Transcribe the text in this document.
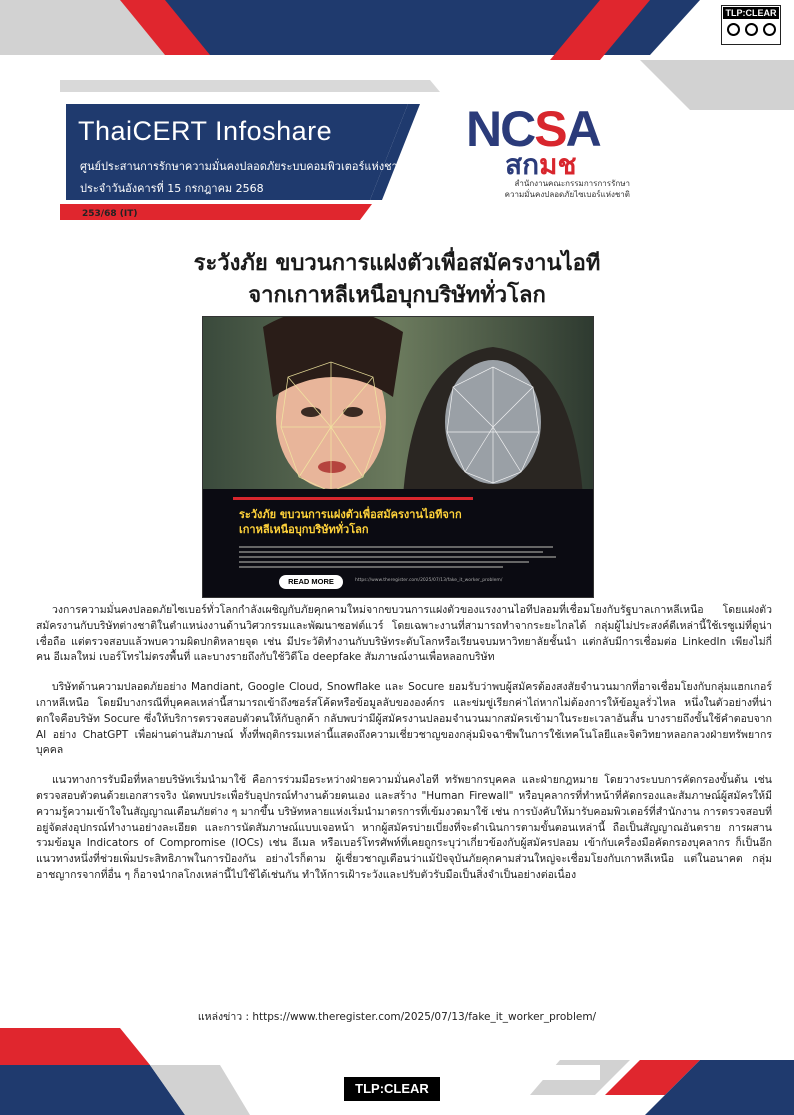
TLP:CLEAR
ThaiCERT Infoshare
ศูนย์ประสานการรักษาความมั่นคงปลอดภัยระบบคอมพิวเตอร์แห่งชาติ
ประจำวันอังคารที่ 15 กรกฎาคม 2568
253/68 (IT)
NCSA
สกมช
สำนักงานคณะกรรมการการรักษา
ความมั่นคงปลอดภัยไซเบอร์แห่งชาติ
ระวังภัย ขบวนการแฝงตัวเพื่อสมัครงานไอที
จากเกาหลีเหนือบุกบริษัททั่วโลก
ระวังภัย ขบวนการแฝงตัวเพื่อสมัครงานไอทีจาก
เกาหลีเหนือบุกบริษัททั่วโลก
READ MORE	https://www.theregister.com/2025/07/13/fake_it_worker_problem/

วงการความมั่นคงปลอดภัยไซเบอร์ทั่วโลกกำลังเผชิญกับภัยคุกคามใหม่จากขบวนการแฝงตัวของแรงงานไอทีปลอมที่เชื่อมโยงกับรัฐบาลเกาหลีเหนือ โดยแฝงตัวสมัครงานกับบริษัทต่างชาติในตำแหน่งงานด้านวิศวกรรมและพัฒนาซอฟต์แวร์ โดยเฉพาะงานที่สามารถทำจากระยะไกลได้ กลุ่มผู้ไม่ประสงค์ดีเหล่านี้ใช้เรซูเม่ที่ดูน่าเชื่อถือ แต่ตรวจสอบแล้วพบความผิดปกติหลายจุด เช่น มีประวัติทำงานกับบริษัทระดับโลกหรือเรียนจบมหาวิทยาลัยชั้นนำ แต่กลับมีการเชื่อมต่อ LinkedIn เพียงไม่กี่คน อีเมลใหม่ เบอร์โทรไม่ตรงพื้นที่ และบางรายถึงกับใช้วิดีโอ deepfake สัมภาษณ์งานเพื่อหลอกบริษัท

บริษัทด้านความปลอดภัยอย่าง Mandiant, Google Cloud, Snowflake และ Socure ยอมรับว่าพบผู้สมัครต้องสงสัยจำนวนมากที่อาจเชื่อมโยงกับกลุ่มแฮกเกอร์เกาหลีเหนือ โดยมีบางกรณีที่บุคคลเหล่านี้สามารถเข้าถึงซอร์สโค้ดหรือข้อมูลลับขององค์กร และข่มขู่เรียกค่าไถ่หากไม่ต้องการให้ข้อมูลรั่วไหล หนึ่งในตัวอย่างที่น่าตกใจคือบริษัท Socure ซึ่งให้บริการตรวจสอบตัวตนให้กับลูกค้า กลับพบว่ามีผู้สมัครงานปลอมจำนวนมากสมัครเข้ามาในระยะเวลาอันสั้น บางรายถึงขั้นใช้คำตอบจาก AI อย่าง ChatGPT เพื่อผ่านด่านสัมภาษณ์ ทั้งที่พฤติกรรมเหล่านี้แสดงถึงความเชี่ยวชาญของกลุ่มมิจฉาชีพในการใช้เทคโนโลยีและจิตวิทยาหลอกลวงฝ่ายทรัพยากรบุคคล

แนวทางการรับมือที่หลายบริษัทเริ่มนำมาใช้ คือการร่วมมือระหว่างฝ่ายความมั่นคงไอที ทรัพยากรบุคคล และฝ่ายกฎหมาย โดยวางระบบการคัดกรองขั้นต้น เช่น ตรวจสอบตัวตนด้วยเอกสารจริง นัดพบประเพื่อรับอุปกรณ์ทำงานด้วยตนเอง และสร้าง "Human Firewall" หรือบุคลากรที่ทำหน้าที่คัดกรองและสัมภาษณ์ผู้สมัครให้มีความรู้ความเข้าใจในสัญญาณเตือนภัยต่าง ๆ มากขึ้น บริษัทหลายแห่งเริ่มนำมาตรการที่เข้มงวดมาใช้ เช่น การบังคับให้มารับคอมพิวเตอร์ที่สำนักงาน การตรวจสอบที่อยู่จัดส่งอุปกรณ์ทำงานอย่างละเอียด และการนัดสัมภาษณ์แบบเจอหน้า หากผู้สมัครบ่ายเบี่ยงที่จะดำเนินการตามขั้นตอนเหล่านี้ ถือเป็นสัญญาณอันตราย การผสานรวมข้อมูล Indicators of Compromise (IOCs) เช่น อีเมล หรือเบอร์โทรศัพท์ที่เคยถูกระบุว่าเกี่ยวข้องกับผู้สมัครปลอม เข้ากับเครื่องมือคัดกรองบุคลากร ก็เป็นอีกแนวทางหนึ่งที่ช่วยเพิ่มประสิทธิภาพในการป้องกัน อย่างไรก็ตาม ผู้เชี่ยวชาญเตือนว่าแม้ปัจจุบันภัยคุกคามส่วนใหญ่จะเชื่อมโยงกับเกาหลีเหนือ แต่ในอนาคต กลุ่มอาชญากรจากที่อื่น ๆ ก็อาจนำกลโกงเหล่านี้ไปใช้ได้เช่นกัน ทำให้การเฝ้าระวังและปรับตัวรับมือเป็นสิ่งจำเป็นอย่างต่อเนื่อง

แหล่งข่าว : https://www.theregister.com/2025/07/13/fake_it_worker_problem/
TLP:CLEAR
